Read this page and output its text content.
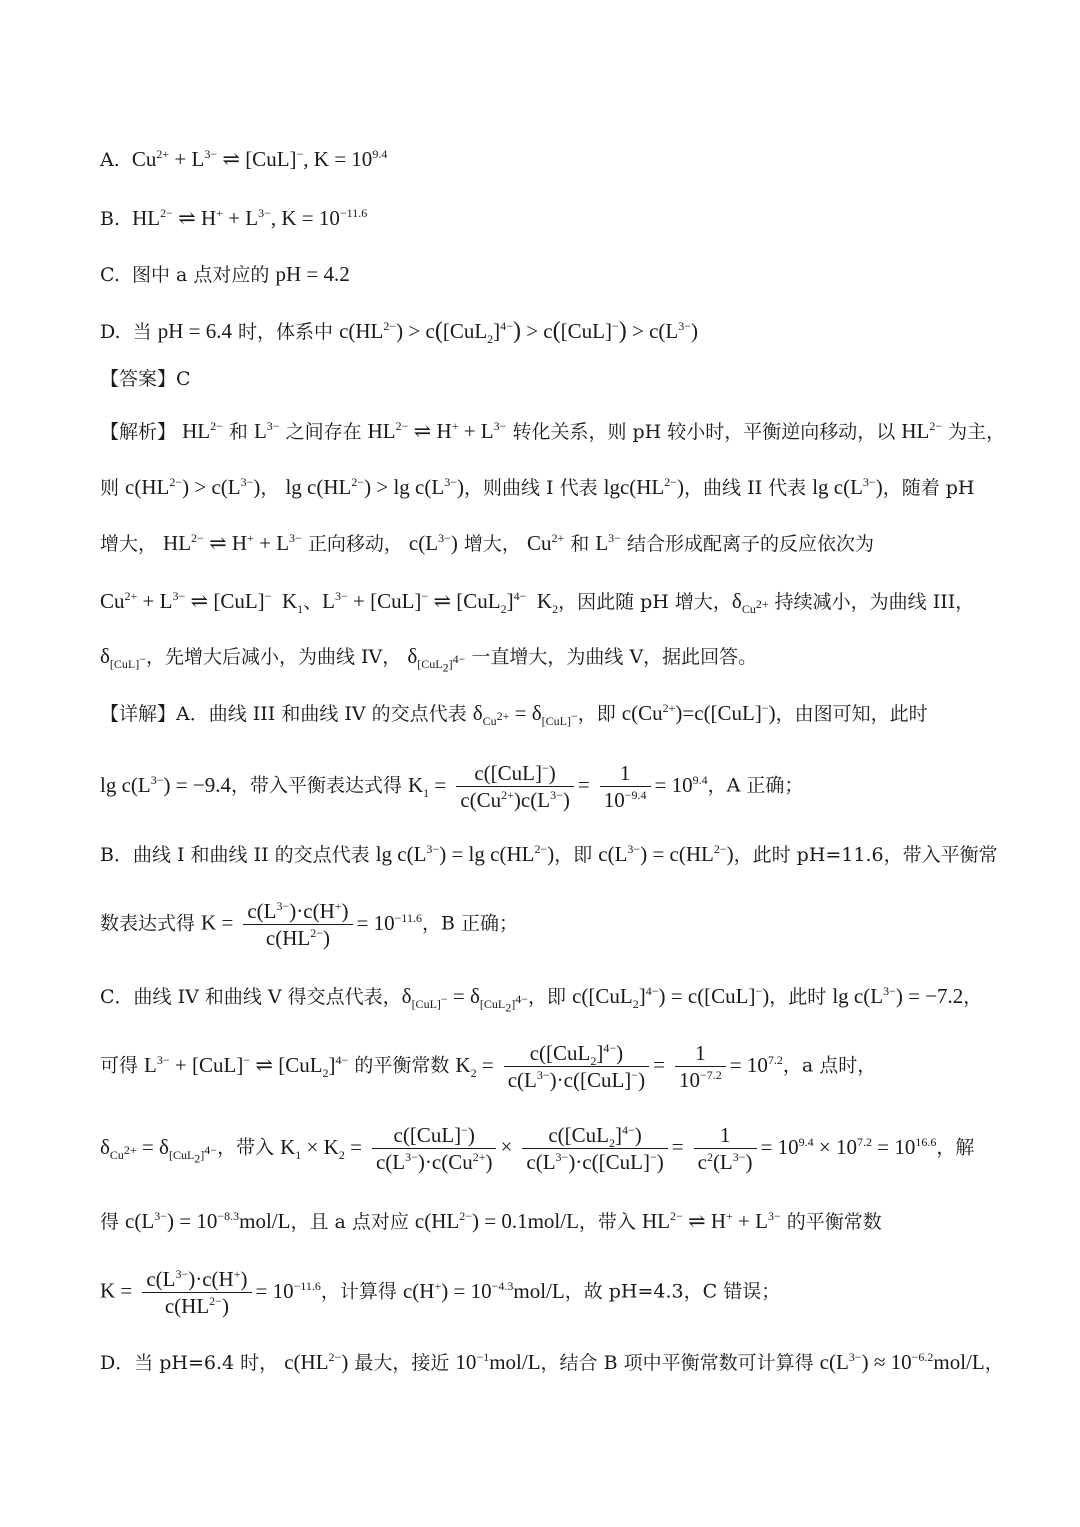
A.  $Cu^{2+} + L^{3-}$ ⇌ [CuL]−, $K = 10^{9.4}$
B.  $HL^{2-}$ ⇌ $H^+ + L^{3-}$, $K = 10^{-11.6}$
C.  图中 a 点对应的 pH = 4.2
D.  当 pH = 6.4 时，体系中 $c(HL^{2-}) > c([CuL_2]^{4-}) > c([CuL]^-) > c(L^{3-})$
【答案】C
【解析】 $HL^{2-}$ 和 $L^{3-}$ 之间存在 $HL^{2-}$ ⇌ $H^+ + L^{3-}$ 转化关系，则 pH 较小时，平衡逆向移动，以 $HL^{2-}$ 为主，
则 $c(HL^{2-}) > c(L^{3-})$， $\lg c(HL^{2-}) > \lg c(L^{3-})$，则曲线 I 代表 $\lg c(HL^{2-})$，曲线 II 代表 $\lg c(L^{3-})$，随着 pH
增大， $HL^{2-}$ ⇌ $H^+ + L^{3-}$ 正向移动， $c(L^{3-})$ 增大， $Cu^{2+}$ 和 $L^{3-}$ 结合形成配离子的反应依次为
$Cu^{2+} + L^{3-}$ ⇌ [CuL]−  $K_1$、$L^{3-} + [CuL]^-$ ⇌ $[CuL_2]^{4-}$  $K_2$，因此随 pH 增大，$\delta_{Cu^{2+}}$ 持续减小，为曲线 III，
$\delta_{[CuL]^-}$，先增大后减小，为曲线 IV， $\delta_{[CuL_2]^{4-}}$ 一直增大，为曲线 V，据此回答。
【详解】A．曲线 III 和曲线 IV 的交点代表 $\delta_{Cu^{2+}} = \delta_{[CuL]^-}$，即 $c(Cu^{2+})=c([CuL]^-)$，由图可知，此时
$\lg c(L^{3-}) = -9.4$，带入平衡表达式得 $K_1 = \frac{c([CuL]^-)}{c(Cu^{2+})c(L^{3-})} = \frac{1}{10^{-9.4}} = 10^{9.4}$，A 正确；
B．曲线 I 和曲线 II 的交点代表 $\lg c(L^{3-}) = \lg c(HL^{2-})$，即 $c(L^{3-}) = c(HL^{2-})$，此时 pH=11.6，带入平衡常
数表达式得 $K = \frac{c(L^{3-})\cdot c(H^+)}{c(HL^{2-})} = 10^{-11.6}$，B 正确；
C．曲线 IV 和曲线 V 得交点代表，$\delta_{[CuL]^-} = \delta_{[CuL_2]^{4-}}$，即 $c([CuL_2]^{4-}) = c([CuL]^-)$，此时 $\lg c(L^{3-}) = -7.2$，
可得 $L^{3-} + [CuL]^-$ ⇌ $[CuL_2]^{4-}$ 的平衡常数 $K_2 = \frac{c([CuL_2]^{4-})}{c(L^{3-})\cdot c([CuL]^-)} = \frac{1}{10^{-7.2}} = 10^{7.2}$，a 点时，
$\delta_{Cu^{2+}} = \delta_{[CuL_2]^{4-}}$，带入 $K_1 \times K_2 = \frac{c([CuL]^-)}{c(L^{3-})\cdot c(Cu^{2+})} \times \frac{c([CuL_2]^{4-})}{c(L^{3-})\cdot c([CuL]^-)} = \frac{1}{c^2(L^{3-})} = 10^{9.4} \times 10^{7.2} = 10^{16.6}$，解
得 $c(L^{3-}) = 10^{-8.3}mol/L$，且 a 点对应 $c(HL^{2-}) = 0.1mol/L$，带入 $HL^{2-}$ ⇌ $H^+ + L^{3-}$ 的平衡常数
$K = \frac{c(L^{3-})\cdot c(H^+)}{c(HL^{2-})} = 10^{-11.6}$，计算得 $c(H^+) = 10^{-4.3}mol/L$，故 pH=4.3，C 错误；
D．当 pH=6.4 时， $c(HL^{2-})$ 最大，接近 $10^{-1}mol/L$，结合 B 项中平衡常数可计算得 $c(L^{3-}) \approx 10^{-6.2}mol/L$，
